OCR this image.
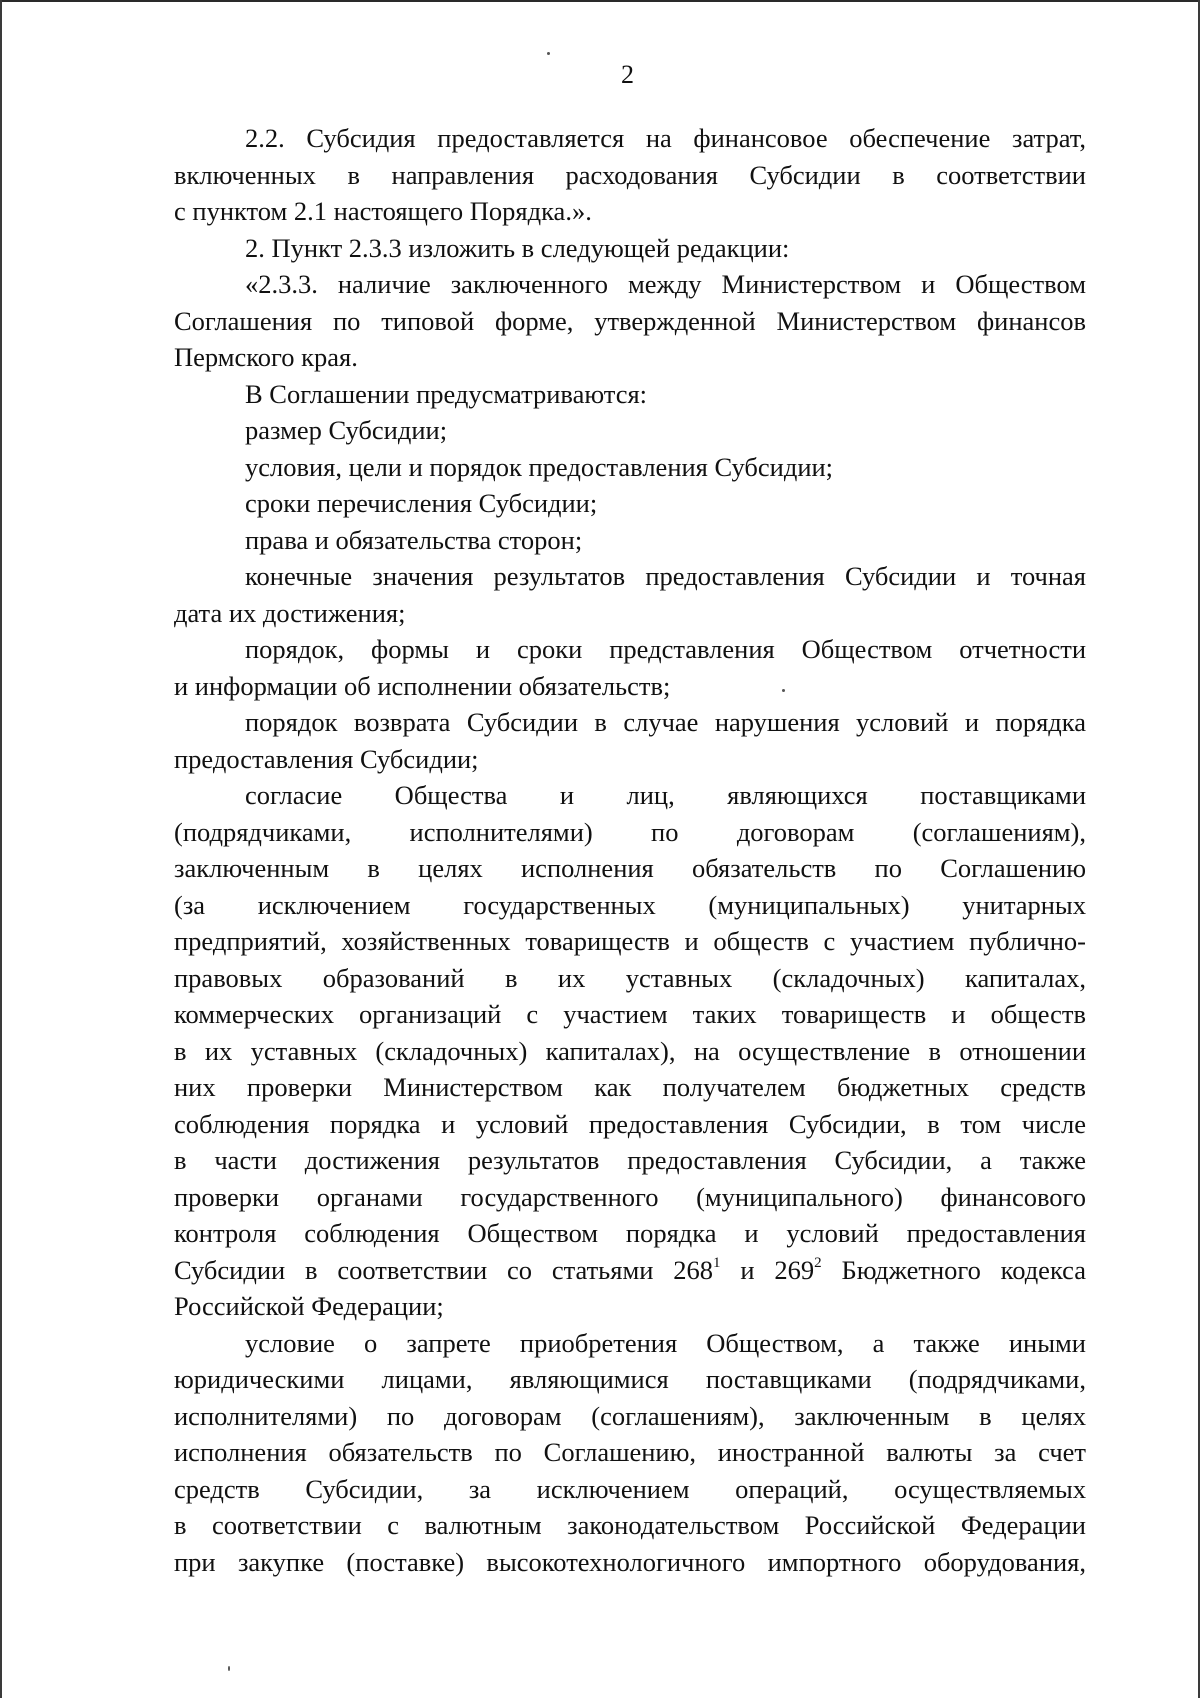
2
2.2. Субсидия предоставляется на финансовое обеспечение затрат,
включенных в направления расходования Субсидии в соответствии
с пунктом 2.1 настоящего Порядка.».
2. Пункт 2.3.3 изложить в следующей редакции:
«2.3.3. наличие заключенного между Министерством и Обществом
Соглашения по типовой форме, утвержденной Министерством финансов
Пермского края.
В Соглашении предусматриваются:
размер Субсидии;
условия, цели и порядок предоставления Субсидии;
сроки перечисления Субсидии;
права и обязательства сторон;
конечные значения результатов предоставления Субсидии и точная
дата их достижения;
порядок, формы и сроки представления Обществом отчетности
и информации об исполнении обязательств;
порядок возврата Субсидии в случае нарушения условий и порядка
предоставления Субсидии;
согласие Общества и лиц, являющихся поставщиками
(подрядчиками, исполнителями) по договорам (соглашениям),
заключенным в целях исполнения обязательств по Соглашению
(за исключением государственных (муниципальных) унитарных
предприятий, хозяйственных товариществ и обществ с участием публично-
правовых образований в их уставных (складочных) капиталах,
коммерческих организаций с участием таких товариществ и обществ
в их уставных (складочных) капиталах), на осуществление в отношении
них проверки Министерством как получателем бюджетных средств
соблюдения порядка и условий предоставления Субсидии, в том числе
в части достижения результатов предоставления Субсидии, а также
проверки органами государственного (муниципального) финансового
контроля соблюдения Обществом порядка и условий предоставления
Субсидии в соответствии со статьями $268^1$ и $269^2$ Бюджетного кодекса
Российской Федерации;
условие о запрете приобретения Обществом, а также иными
юридическими лицами, являющимися поставщиками (подрядчиками,
исполнителями) по договорам (соглашениям), заключенным в целях
исполнения обязательств по Соглашению, иностранной валюты за счет
средств Субсидии, за исключением операций, осуществляемых
в соответствии с валютным законодательством Российской Федерации
при закупке (поставке) высокотехнологичного импортного оборудования,
